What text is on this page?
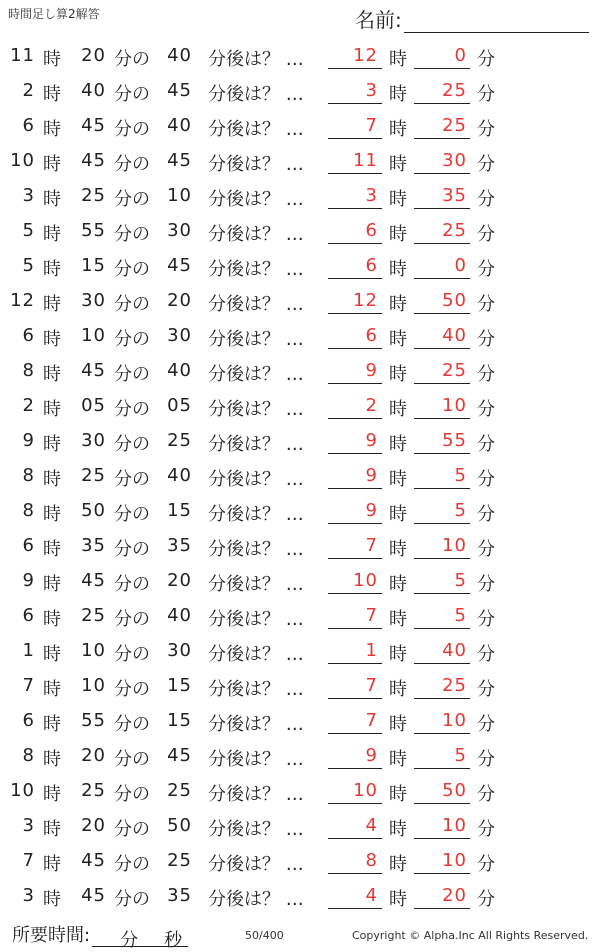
時間足し算2解答	名前:
11 時	20 分の 40 分後は？ …	12 時	0 分
2 時	40 分の 45 分後は？ …	3 時 25 分
6 時	45 分の 40 分後は？ …	7 時 25 分
10 時	45 分の 45 分後は？ …	11 時 30 分
3 時	25 分の 10 分後は？ …	3 時 35 分
5 時	55 分の 30 分後は？ …	6 時 25 分
5 時	15 分の 45 分後は？ …	6 時	0 分
12 時	30 分の 20 分後は？ …	12 時 50 分
6 時	10 分の 30 分後は？ …	6 時 40 分
8 時	45 分の 40 分後は？ …	9 時 25 分
2 時	05 分の 05 分後は？ …	2 時 10 分
9 時	30 分の 25 分後は？ …	9 時 55 分
8 時	25 分の 40 分後は？ …	9 時	5 分
8 時	50 分の 15 分後は？ …	9 時	5 分
6 時	35 分の 35 分後は？ …	7 時 10 分
9 時	45 分の 20 分後は？ …	10 時	5 分
6 時	25 分の 40 分後は？ …	7 時	5 分
1 時	10 分の 30 分後は？ …	1 時 40 分
7 時	10 分の 15 分後は？ …	7 時 25 分
6 時	55 分の 15 分後は？ …	7 時 10 分
8 時	20 分の 45 分後は？ …	9 時	5 分
10 時	25 分の 25 分後は？ …	10 時 50 分
3 時	20 分の 50 分後は？ …	4 時 10 分
7 時	45 分の 25 分後は？ …	8 時 10 分
3 時	45 分の 35 分後は？ …	4 時 20 分
所要時間: 分 秒	50/400	Copyright © Alpha.Inc All Rights Reserved.
